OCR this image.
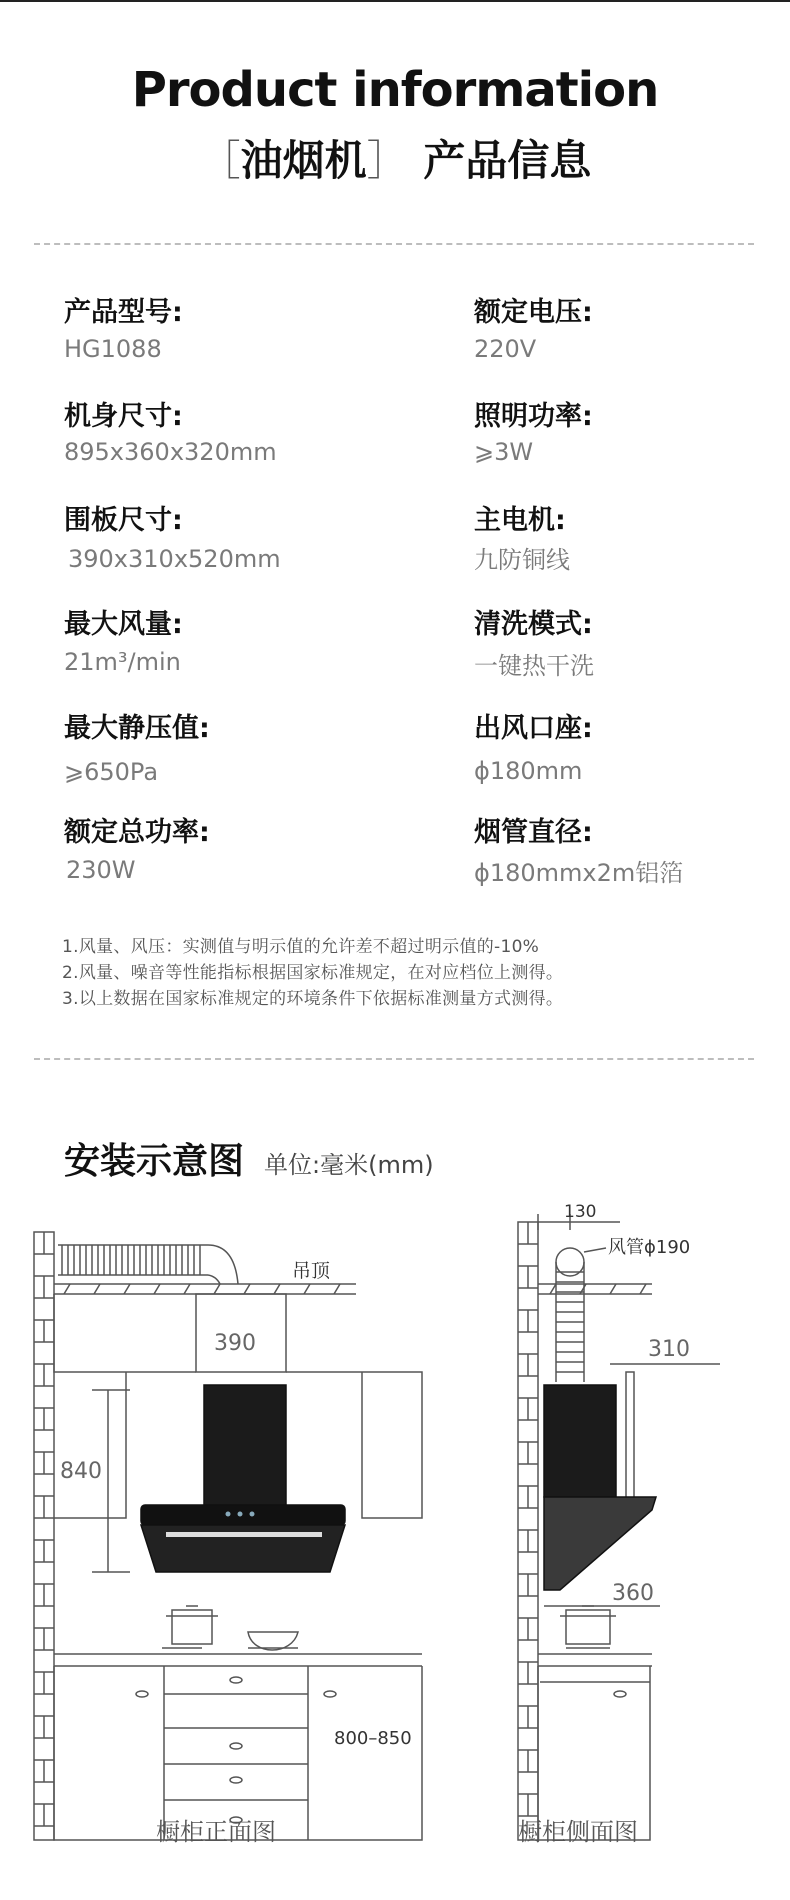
Product information
［油烟机］ 产品信息
产品型号:
HG1088
额定电压:
220V
机身尺寸:
895x360x320mm
照明功率:
⩾3W
围板尺寸:
390x310x520mm
主电机:
九防铜线
最大风量:
21m³/min
清洗模式:
一键热干洗
最大静压值:
⩾650Pa
出风口座:
ϕ180mm
额定总功率:
230W
烟管直径:
ϕ180mmx2m铝箔
1.风量、风压：实测值与明示值的允许差不超过明示值的-10%
2.风量、噪音等性能指标根据国家标准规定，在对应档位上测得。
3.以上数据在国家标准规定的环境条件下依据标准测量方式测得。
安装示意图 单位:毫米(mm)
吊顶
390
840
800–850
橱柜正面图
130
风管ϕ190
310
360
橱柜侧面图
